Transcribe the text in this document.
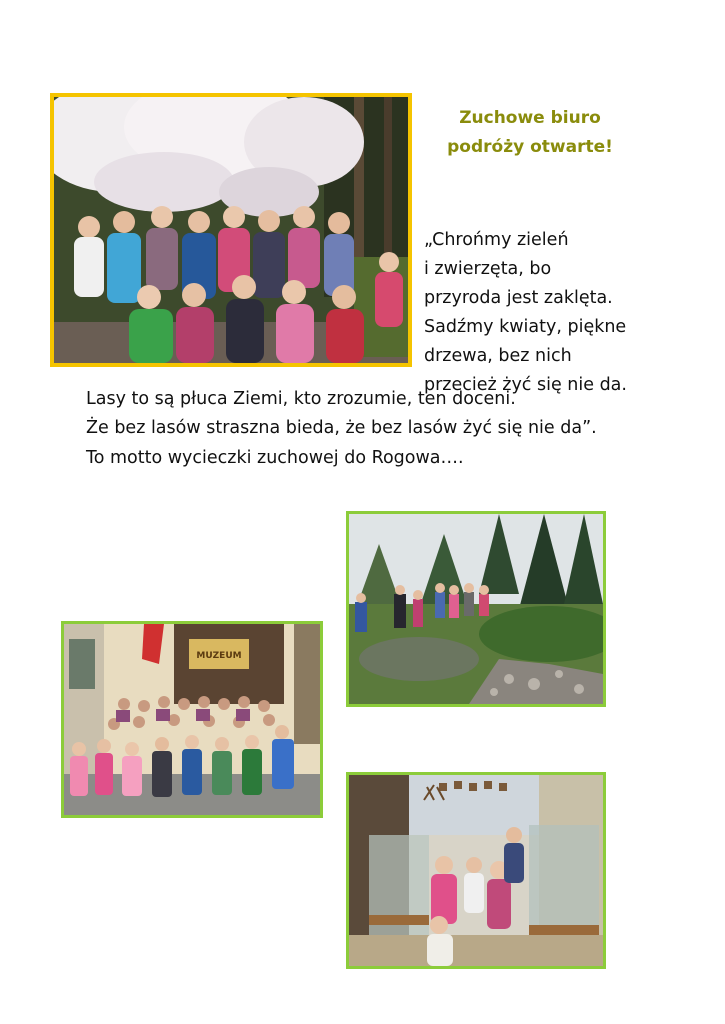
Zuchowe biuro
podróży otwarte!

„Chrońmy zieleń
i zwierzęta, bo
przyroda jest zaklęta.
Sadźmy kwiaty, piękne
drzewa, bez nich
przecież żyć się nie da.
Lasy to są płuca Ziemi, kto zrozumie, ten doceni.
Że bez lasów straszna bieda, że bez lasów żyć się nie da”.
To motto wycieczki zuchowej do Rogowa….
MUZEUM
